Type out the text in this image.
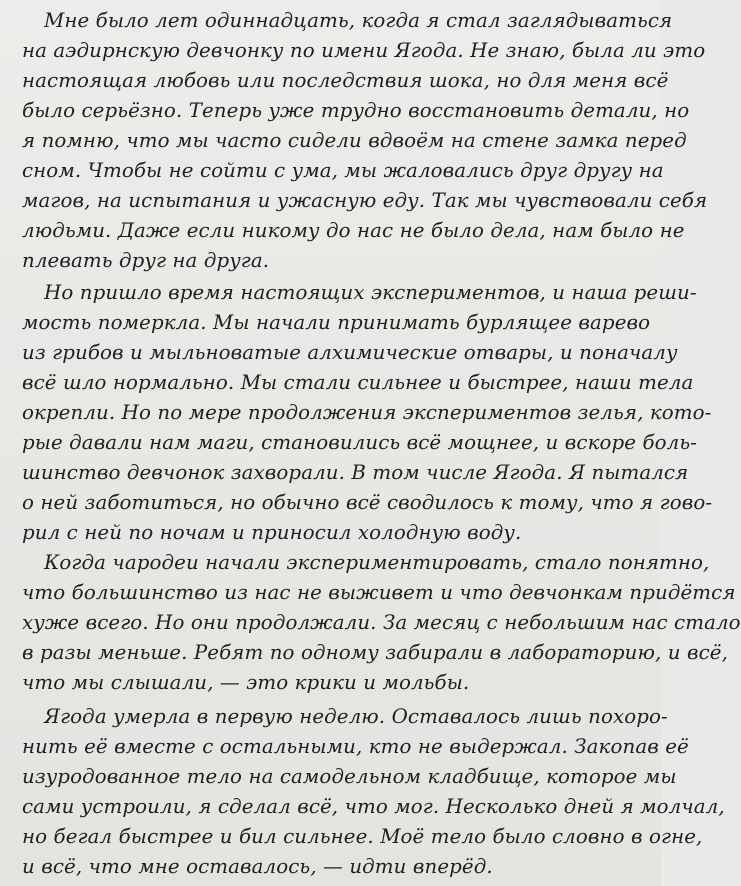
Мне было лет одиннадцать, когда я стал заглядываться
на аэдирнскую девчонку по имени Ягода. Не знаю, была ли это
настоящая любовь или последствия шока, но для меня всё
было серьёзно. Теперь уже трудно восстановить детали, но
я помню, что мы часто сидели вдвоём на стене замка перед
сном. Чтобы не сойти с ума, мы жаловались друг другу на
магов, на испытания и ужасную еду. Так мы чувствовали себя
людьми. Даже если никому до нас не было дела, нам было не
плевать друг на друга.
Но пришло время настоящих экспериментов, и наша реши-
мость померкла. Мы начали принимать бурлящее варево
из грибов и мыльноватые алхимические отвары, и поначалу
всё шло нормально. Мы стали сильнее и быстрее, наши тела
окрепли. Но по мере продолжения экспериментов зелья, кото-
рые давали нам маги, становились всё мощнее, и вскоре боль-
шинство девчонок захворали. В том числе Ягода. Я пытался
о ней заботиться, но обычно всё сводилось к тому, что я гово-
рил с ней по ночам и приносил холодную воду.
Когда чародеи начали экспериментировать, стало понятно,
что большинство из нас не выживет и что девчонкам придётся
хуже всего. Но они продолжали. За месяц с небольшим нас стало
в разы меньше. Ребят по одному забирали в лабораторию, и всё,
что мы слышали, — это крики и мольбы.
Ягода умерла в первую неделю. Оставалось лишь похоро-
нить её вместе с остальными, кто не выдержал. Закопав её
изуродованное тело на самодельном кладбище, которое мы
сами устроили, я сделал всё, что мог. Несколько дней я молчал,
но бегал быстрее и бил сильнее. Моё тело было словно в огне,
и всё, что мне оставалось, — идти вперёд.
